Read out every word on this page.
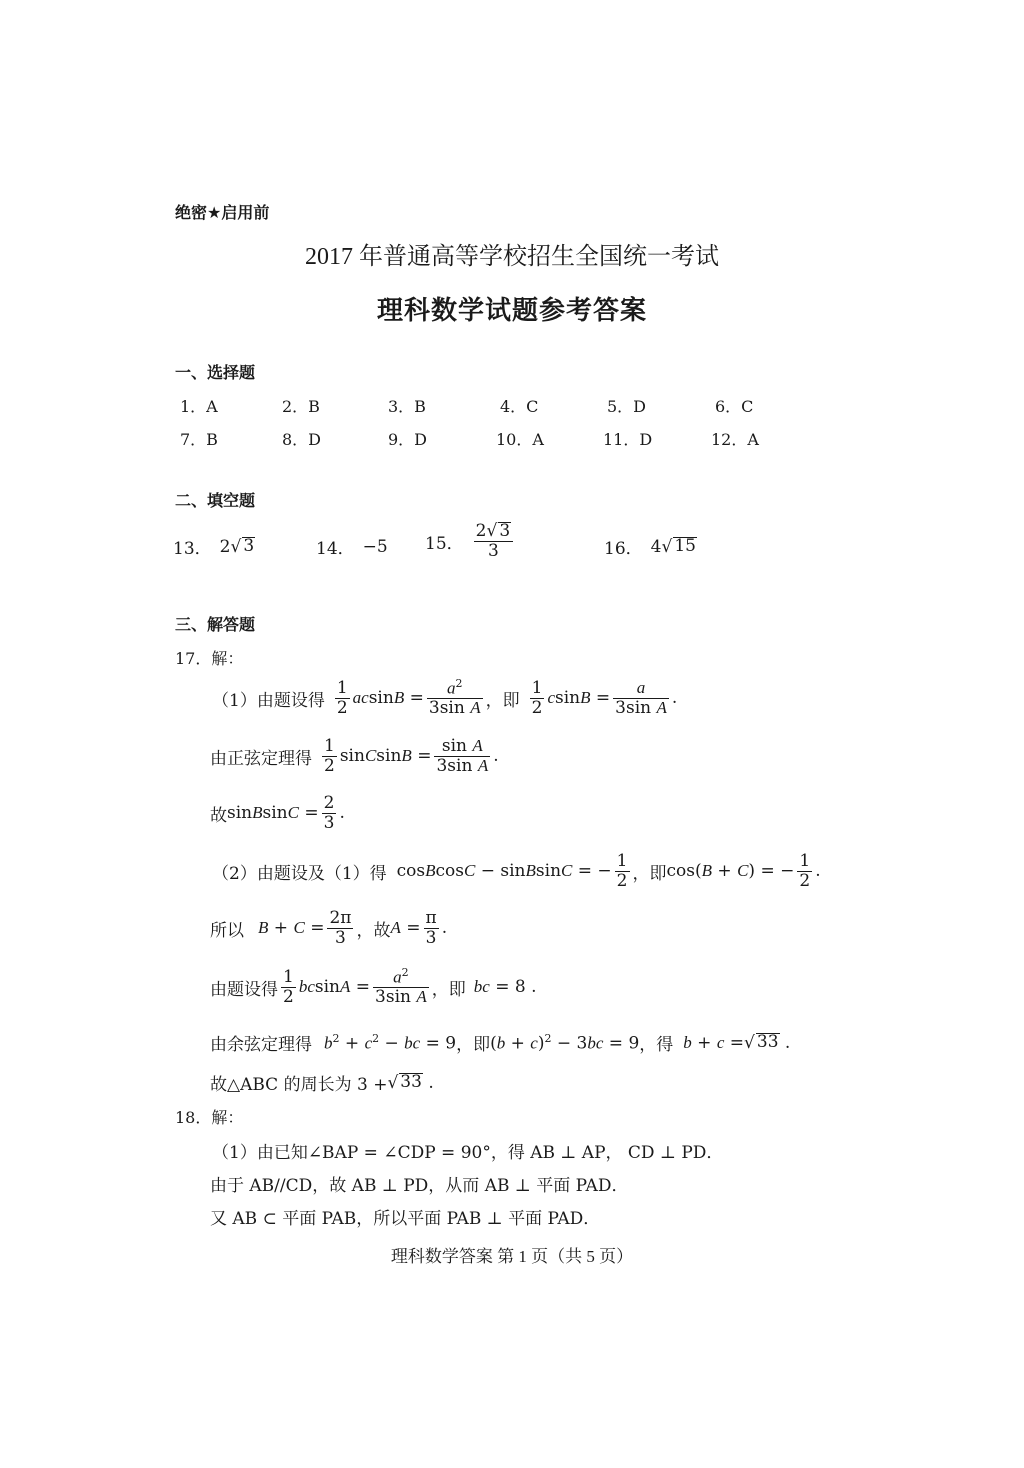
绝密★启用前
2017 年普通高等学校招生全国统一考试
理科数学试题参考答案
一、选择题
1．A	2．B	3．B	4．C	5．D	6．C
7．B	8．D	9．D	10．A	11．D	12．A
二、填空题
13． 2 √ 3	14． −5 15． $\frac{2√ 3}{3}$	16． 4 √ 15
三、解答题
17．解：
（1）由题设得 $\frac{1}{2}$ $acsinB = \frac{a^2}{\text{3sin A}}$ ，即 $\frac{1}{2}$ $csinB = \frac{a}{\text{3sin A}}$ .
由正弦定理得 $\frac{1}{2}$ sinCsinB = $\frac{\text{sin A}}{\text{3sin A}}$ .
故 sinBsinC = $\frac{2}{3}$ .
（2）由题设及（1）得 cosBcosC − sinBsinC = − $\frac{1}{2}$ ，即 cos(B + C) = − $\frac{1}{2}$ .
所以 $B + C = \frac{2\pi}{3}$ ，故 $A = \frac{\pi}{3}$ .
由题设得 $\frac{1}{2}$ $bcsinA = \frac{a^2}{\text{3sin A}}$ ，即 bc = 8 .
由余弦定理得 $b^2 + c^2$ − bc = 9 ，即 $(b + c)^2 - 3bc = 9$ ，得 b + c = √ 33 .
故△ABC 的周长为 3 + √ 33 .
18．解：
（1）由已知∠BAP = ∠CDP = 90°，得 AB ⊥ AP， CD ⊥ PD．
由于 AB//CD，故 AB ⊥ PD，从而 AB ⊥ 平面 PAD．
又 AB ⊂ 平面 PAB，所以平面 PAB ⊥ 平面 PAD．
理科数学答案 第 1 页（共 5 页）
